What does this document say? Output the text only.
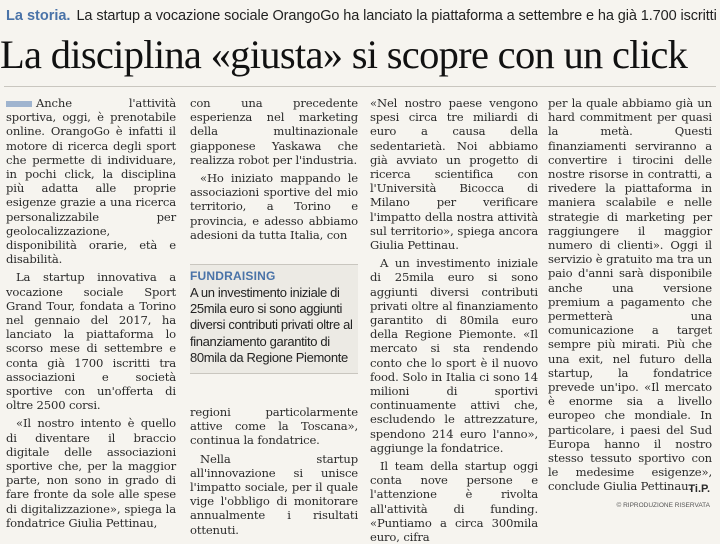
La storia. La startup a vocazione sociale OrangoGo ha lanciato la piattaforma a settembre e ha già 1.700 iscritti
La disciplina «giusta» si scopre con un click

Anche l'attività sportiva, oggi, è prenotabile online. OrangoGo è infatti il motore di ricerca degli sport che permette di individuare, in pochi click, la disciplina più adatta alle proprie esigenze grazie a una ricerca personalizzabile per geolocalizzazione, disponibilità orarie, età e disabilità.

La startup innovativa a vocazione sociale Sport Grand Tour, fondata a Torino nel gennaio del 2017, ha lanciato la piattaforma lo scorso mese di settembre e conta già 1700 iscritti tra associazioni e società sportive con un'offerta di oltre 2500 corsi.

«Il nostro intento è quello di diventare il braccio digitale delle associazioni sportive che, per la maggior parte, non sono in grado di fare fronte da sole alle spese di digitalizzazione», spiega la fondatrice Giulia Pettinau,

con una precedente esperienza nel marketing della multinazionale giapponese Yaskawa che realizza robot per l'industria.

«Ho iniziato mappando le associazioni sportive del mio territorio, a Torino e provincia, e adesso abbiamo adesioni da tutta Italia, con

regioni particolarmente attive come la Toscana», continua la fondatrice.

Nella startup all'innovazione si unisce l'impatto sociale, per il quale vige l'obbligo di monitorare annualmente i risultati ottenuti.

FUNDRAISING
A un investimento iniziale di 25mila euro si sono aggiunti diversi contributi privati oltre al finanziamento garantito di 80mila da Regione Piemonte

«Nel nostro paese vengono spesi circa tre miliardi di euro a causa della sedentarietà. Noi abbiamo già avviato un progetto di ricerca scientifica con l'Università Bicocca di Milano per verificare l'impatto della nostra attività sul territorio», spiega ancora Giulia Pettinau.

A un investimento iniziale di 25mila euro si sono aggiunti diversi contributi privati oltre al finanziamento garantito di 80mila euro della Regione Piemonte. «Il mercato si sta rendendo conto che lo sport è il nuovo food. Solo in Italia ci sono 14 milioni di sportivi continuamente attivi che, escludendo le attrezzature, spendono 214 euro l'anno», aggiunge la fondatrice.

Il team della startup oggi conta nove persone e l'attenzione è rivolta all'attività di funding. «Puntiamo a circa 300mila euro, cifra

per la quale abbiamo già un hard commitment per quasi la metà. Questi finanziamenti serviranno a convertire i tirocini delle nostre risorse in contratti, a rivedere la piattaforma in maniera scalabile e nelle strategie di marketing per raggiungere il maggior numero di clienti». Oggi il servizio è gratuito ma tra un paio d'anni sarà disponibile anche una versione premium a pagamento che permetterà una comunicazione a target sempre più mirati. Più che una exit, nel futuro della startup, la fondatrice prevede un'ipo. «Il mercato è enorme sia a livello europeo che mondiale. In particolare, i paesi del Sud Europa hanno il nostro stesso tessuto sportivo con le medesime esigenze», conclude Giulia Pettinau.

Ti.P.
© RIPRODUZIONE RISERVATA
